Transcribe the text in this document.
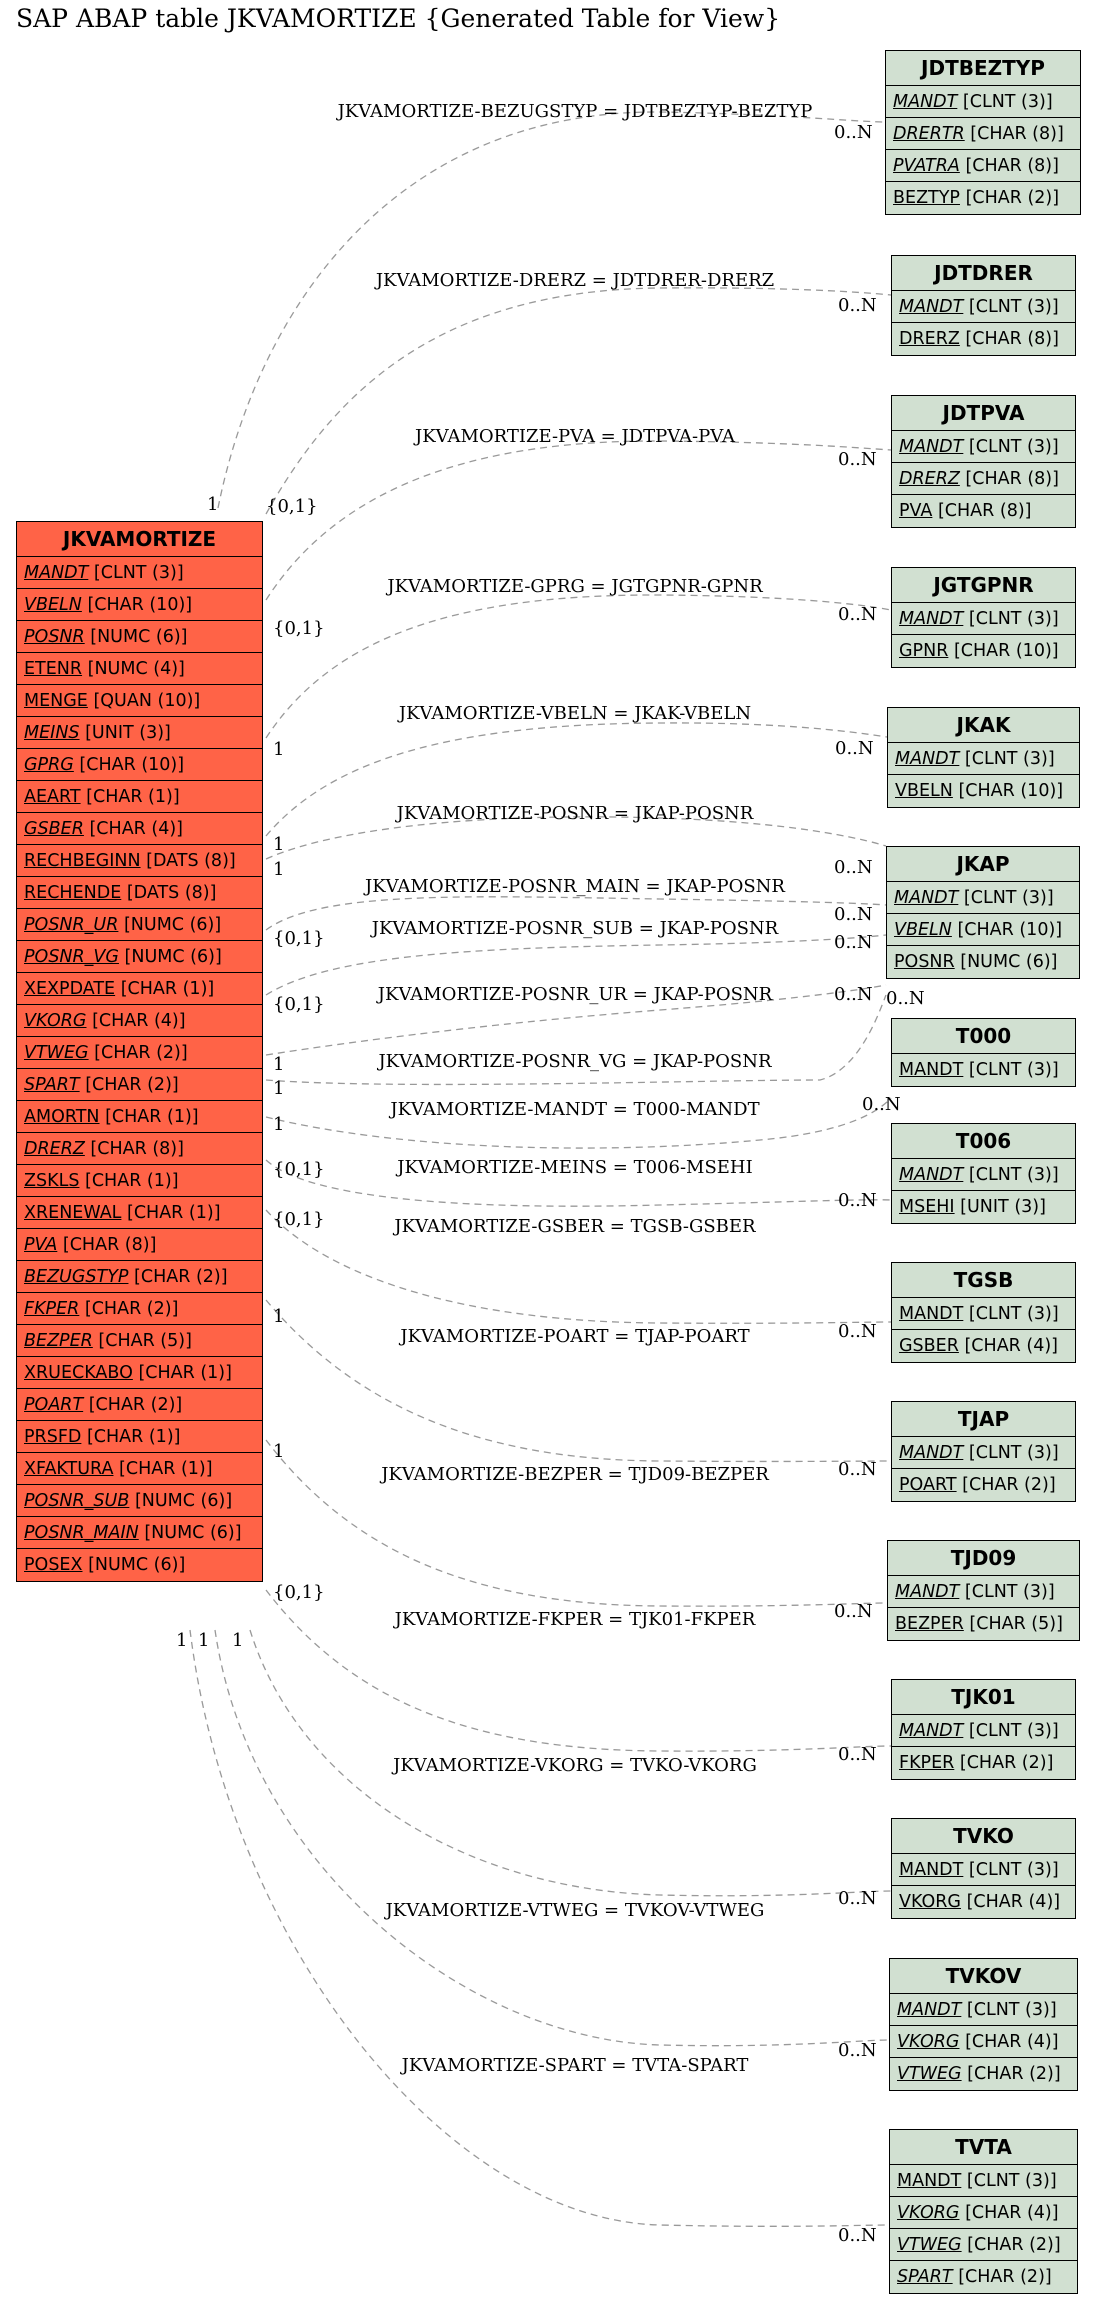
SAP ABAP table JKVAMORTIZE {Generated Table for View}
JKVAMORTIZE-BEZUGSTYP = JDTBEZTYP-BEZTYP
1
0..N
JKVAMORTIZE-DRERZ = JDTDRER-DRERZ
{0,1}
0..N
JKVAMORTIZE-PVA = JDTPVA-PVA
{0,1}
0..N
JKVAMORTIZE-GPRG = JGTGPNR-GPNR
1
0..N
JKVAMORTIZE-VBELN = JKAK-VBELN
1
0..N
JKVAMORTIZE-POSNR = JKAP-POSNR
1	0..N
JKVAMORTIZE-POSNR_MAIN = JKAP-POSNR
{0,1}
0..N
JKVAMORTIZE-POSNR_SUB = JKAP-POSNR
{0,1}
0..N
JKVAMORTIZE-POSNR_UR = JKAP-POSNR
1
0..N
JKVAMORTIZE-POSNR_VG = JKAP-POSNR
1
0..N
JKVAMORTIZE-MANDT = T000-MANDT
1
0..N
JKVAMORTIZE-MEINS = T006-MSEHI
{0,1}
0..N
JKVAMORTIZE-GSBER = TGSB-GSBER
{0,1}
0..N
JKVAMORTIZE-POART = TJAP-POART
1
0..N
JKVAMORTIZE-BEZPER = TJD09-BEZPER
1
0..N
JKVAMORTIZE-FKPER = TJK01-FKPER
{0,1}
0..N
JKVAMORTIZE-VKORG = TVKO-VKORG
1
0..N
JKVAMORTIZE-VTWEG = TVKOV-VTWEG
1
0..N
JKVAMORTIZE-SPART = TVTA-SPART
1
0..N
JKVAMORTIZE
MANDT [CLNT (3)]
VBELN [CHAR (10)]
POSNR [NUMC (6)]
ETENR [NUMC (4)]
MENGE [QUAN (10)]
MEINS [UNIT (3)]
GPRG [CHAR (10)]
AEART [CHAR (1)]
GSBER [CHAR (4)]
RECHBEGINN [DATS (8)]
RECHENDE [DATS (8)]
POSNR_UR [NUMC (6)]
POSNR_VG [NUMC (6)]
XEXPDATE [CHAR (1)]
VKORG [CHAR (4)]
VTWEG [CHAR (2)]
SPART [CHAR (2)]
AMORTN [CHAR (1)]
DRERZ [CHAR (8)]
ZSKLS [CHAR (1)]
XRENEWAL [CHAR (1)]
PVA [CHAR (8)]
BEZUGSTYP [CHAR (2)]
FKPER [CHAR (2)]
BEZPER [CHAR (5)]
XRUECKABO [CHAR (1)]
POART [CHAR (2)]
PRSFD [CHAR (1)]
XFAKTURA [CHAR (1)]
POSNR_SUB [NUMC (6)]
POSNR_MAIN [NUMC (6)]
POSEX [NUMC (6)]
JDTBEZTYP
MANDT [CLNT (3)]
DRERTR [CHAR (8)]
PVATRA [CHAR (8)]
BEZTYP [CHAR (2)]
JDTDRER
MANDT [CLNT (3)]
DRERZ [CHAR (8)]
JDTPVA
MANDT [CLNT (3)]
DRERZ [CHAR (8)]
PVA [CHAR (8)]
JGTGPNR
MANDT [CLNT (3)]
GPNR [CHAR (10)]
JKAK
MANDT [CLNT (3)]
VBELN [CHAR (10)]
JKAP
MANDT [CLNT (3)]
VBELN [CHAR (10)]
POSNR [NUMC (6)]
T000
MANDT [CLNT (3)]
T006
MANDT [CLNT (3)]
MSEHI [UNIT (3)]
TGSB
MANDT [CLNT (3)]
GSBER [CHAR (4)]
TJAP
MANDT [CLNT (3)]
POART [CHAR (2)]
TJD09
MANDT [CLNT (3)]
BEZPER [CHAR (5)]
TJK01
MANDT [CLNT (3)]
FKPER [CHAR (2)]
TVKO
MANDT [CLNT (3)]
VKORG [CHAR (4)]
TVKOV
MANDT [CLNT (3)]
VKORG [CHAR (4)]
VTWEG [CHAR (2)]
TVTA
MANDT [CLNT (3)]
VKORG [CHAR (4)]
VTWEG [CHAR (2)]
SPART [CHAR (2)]
